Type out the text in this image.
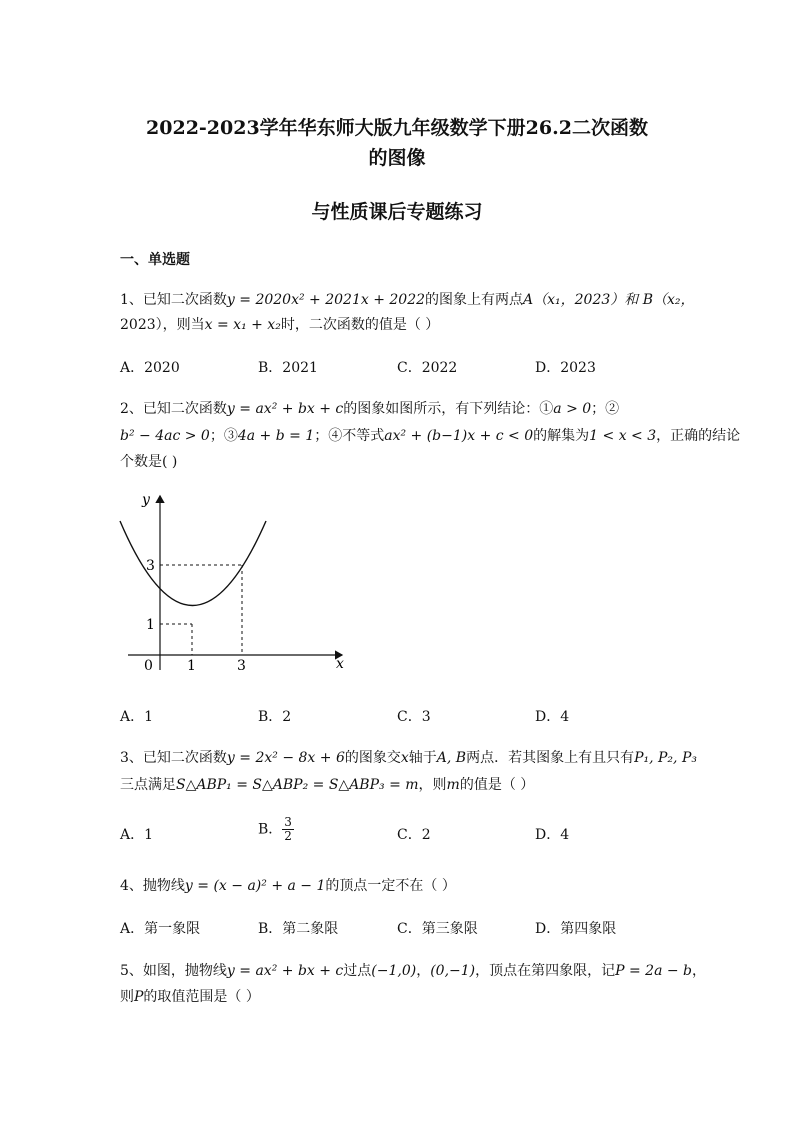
2022-2023学年华东师大版九年级数学下册26.2二次函数
的图像
与性质课后专题练习
一、单选题
1、已知二次函数y = 2020x² + 2021x + 2022的图象上有两点A（x₁，2023）和 B（x₂，
2023），则当x = x₁ + x₂时，二次函数的值是（ ）
A．2020	B．2021	C．2022	D．2023
2、已知二次函数y = ax² + bx + c的图象如图所示，有下列结论：①a > 0；②
b² − 4ac > 0；③4a + b = 1；④不等式ax² + (b−1)x + c < 0的解集为1 < x < 3，正确的结论
个数是( )
y
x
0 1	3
1
3
A．1	B．2	C．3	D．4
3、已知二次函数y = 2x² − 8x + 6的图象交x轴于A, B两点．若其图象上有且只有P₁, P₂, P₃
三点满足S△ABP₁ = S△ABP₂ = S△ABP₃ = m，则m的值是（ ）
A．1	B． $\frac{3}{2}$	C．2	D．4
4、抛物线y = (x − a)² + a − 1的顶点一定不在（ ）
A．第一象限	B．第二象限	C．第三象限	D．第四象限
5、如图，抛物线y = ax² + bx + c过点(−1,0)，(0,−1)，顶点在第四象限，记P = 2a − b，
则P的取值范围是（ ）
